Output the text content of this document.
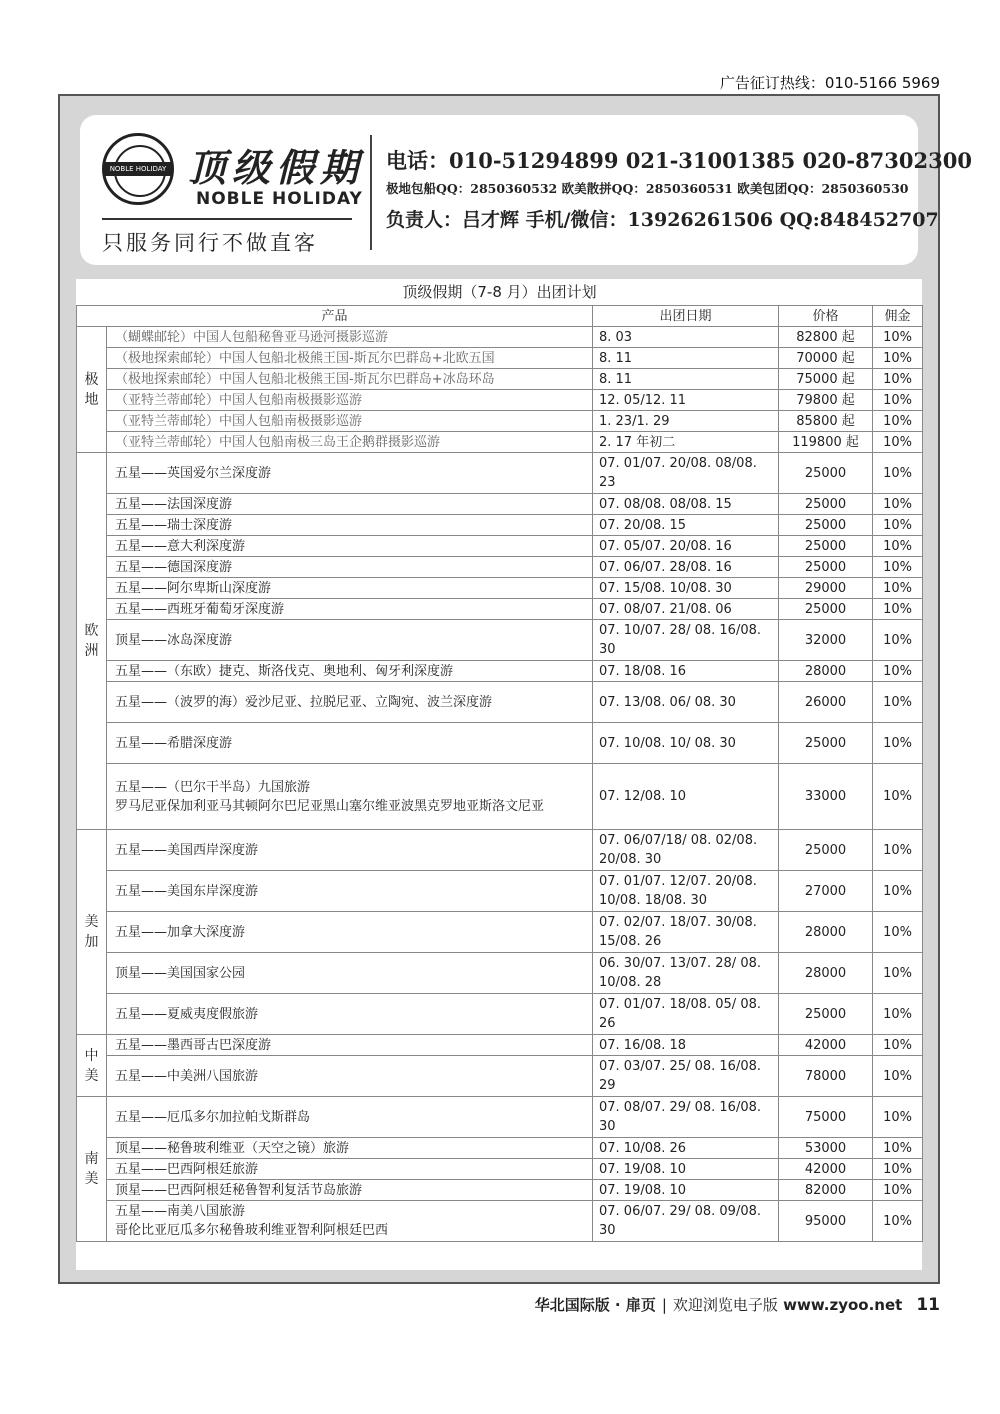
广告征订热线：010-5166 5969
NOBLE HOLIDAY 顶级假期
NOBLE HOLIDAY
只服务同行不做直客
电话：010-51294899 021-31001385 020-87302300
极地包船QQ：2850360532 欧美散拼QQ：2850360531 欧美包团QQ：2850360530
负责人：吕才辉 手机/微信：13926261506 QQ:848452707
顶级假期（7-8 月）出团计划				
产品		出团日期	价格	佣金
极地	（蝴蝶邮轮）中国人包船秘鲁亚马逊河摄影巡游	8. 03	82800 起	10%
	（极地探索邮轮）中国人包船北极熊王国-斯瓦尔巴群岛+北欧五国	8. 11	70000 起	10%
	（极地探索邮轮）中国人包船北极熊王国-斯瓦尔巴群岛+冰岛环岛	8. 11	75000 起	10%
	（亚特兰蒂邮轮）中国人包船南极摄影巡游	12. 05/12. 11	79800 起	10%
	（亚特兰蒂邮轮）中国人包船南极摄影巡游	1. 23/1. 29	85800 起	10%
	（亚特兰蒂邮轮）中国人包船南极三岛王企鹅群摄影巡游	2. 17 年初二	119800 起	10%
欧洲	五星——英国爱尔兰深度游	07. 01/07. 20/08. 08/08. 23	25000	10%
	五星——法国深度游	07. 08/08. 08/08. 15	25000	10%
	五星——瑞士深度游	07. 20/08. 15	25000	10%
	五星——意大利深度游	07. 05/07. 20/08. 16	25000	10%
	五星——德国深度游	07. 06/07. 28/08. 16	25000	10%
	五星——阿尔卑斯山深度游	07. 15/08. 10/08. 30	29000	10%
	五星——西班牙葡萄牙深度游	07. 08/07. 21/08. 06	25000	10%
	顶星——冰岛深度游	07. 10/07. 28/ 08. 16/08. 30	32000	10%
	五星——（东欧）捷克、斯洛伐克、奥地利、匈牙利深度游	07. 18/08. 16	28000	10%
	五星——（波罗的海）爱沙尼亚、拉脱尼亚、立陶宛、波兰深度游	07. 13/08. 06/ 08. 30	26000	10%
	五星——希腊深度游	07. 10/08. 10/ 08. 30	25000	10%

	五星——（巴尔干半岛）九国旅游
罗马尼亚保加利亚马其顿阿尔巴尼亚黑山塞尔维亚波黑克罗地亚斯洛文尼亚	07. 12/08. 10	33000	10%
美加	五星——美国西岸深度游	07. 06/07/18/ 08. 02/08. 20/08. 30	25000	10%
	五星——美国东岸深度游	07. 01/07. 12/07. 20/08. 10/08. 18/08. 30	27000	10%
	五星——加拿大深度游	07. 02/07. 18/07. 30/08. 15/08. 26	28000	10%
	顶星——美国国家公园	06. 30/07. 13/07. 28/ 08. 10/08. 28	28000	10%
	五星——夏威夷度假旅游	07. 01/07. 18/08. 05/ 08. 26	25000	10%
中美	五星——墨西哥古巴深度游	07. 16/08. 18	42000	10%
	五星——中美洲八国旅游	07. 03/07. 25/ 08. 16/08. 29	78000	10%
南美	五星——厄瓜多尔加拉帕戈斯群岛	07. 08/07. 29/ 08. 16/08. 30	75000	10%
	顶星——秘鲁玻利维亚（天空之镜）旅游	07. 10/08. 26	53000	10%
	五星——巴西阿根廷旅游	07. 19/08. 10	42000	10%
	顶星——巴西阿根廷秘鲁智利复活节岛旅游	07. 19/08. 10	82000	10%

	五星——南美八国旅游
哥伦比亚厄瓜多尔秘鲁玻利维亚智利阿根廷巴西	07. 06/07. 29/ 08. 09/08. 30	95000	10%
华北国际版 · 扉页 | 欢迎浏览电子版 www.zyoo.net 11
